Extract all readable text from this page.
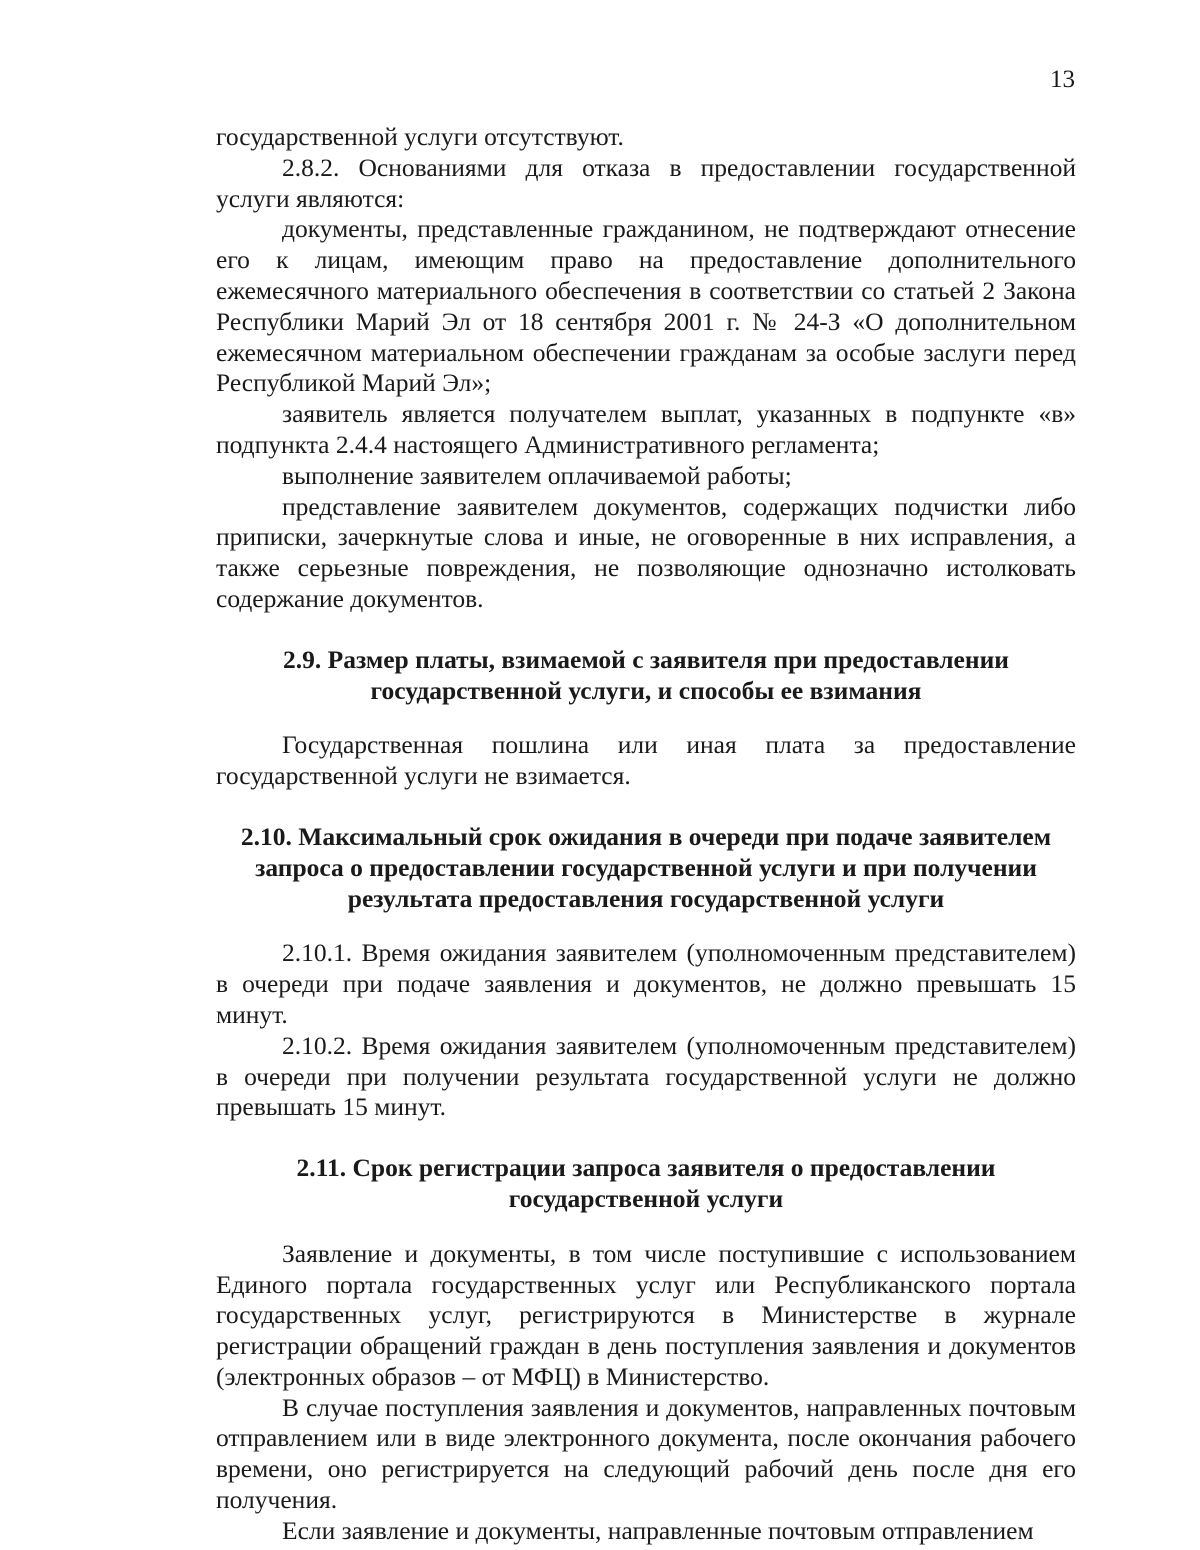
13

государственной услуги отсутствуют.

2.8.2. Основаниями для отказа в предоставлении государственной услуги являются:

документы, представленные гражданином, не подтверждают отнесение его к лицам, имеющим право на предоставление дополнительного ежемесячного материального обеспечения в соответствии со статьей 2 Закона Республики Марий Эл от 18 сентября 2001 г. № 24-З «О дополнительном ежемесячном материальном обеспечении гражданам за особые заслуги перед Республикой Марий Эл»;

заявитель является получателем выплат, указанных в подпункте «в» подпункта 2.4.4 настоящего Административного регламента;

выполнение заявителем оплачиваемой работы;

представление заявителем документов, содержащих подчистки либо приписки, зачеркнутые слова и иные, не оговоренные в них исправления, а также серьезные повреждения, не позволяющие однозначно истолковать содержание документов.

2.9. Размер платы, взимаемой с заявителя при предоставлении государственной услуги, и способы ее взимания

Государственная пошлина или иная плата за предоставление государственной услуги не взимается.

2.10. Максимальный срок ожидания в очереди при подаче заявителем запроса о предоставлении государственной услуги и при получении результата предоставления государственной услуги

2.10.1. Время ожидания заявителем (уполномоченным представителем) в очереди при подаче заявления и документов, не должно превышать 15 минут.

2.10.2. Время ожидания заявителем (уполномоченным представителем) в очереди при получении результата государственной услуги не должно превышать 15 минут.

2.11. Срок регистрации запроса заявителя о предоставлении государственной услуги

Заявление и документы, в том числе поступившие с использованием Единого портала государственных услуг или Республиканского портала государственных услуг, регистрируются в Министерстве в журнале регистрации обращений граждан в день поступления заявления и документов (электронных образов – от МФЦ) в Министерство.

В случае поступления заявления и документов, направленных почтовым отправлением или в виде электронного документа, после окончания рабочего времени, оно регистрируется на следующий рабочий день после дня его получения.

Если заявление и документы, направленные почтовым отправлением
